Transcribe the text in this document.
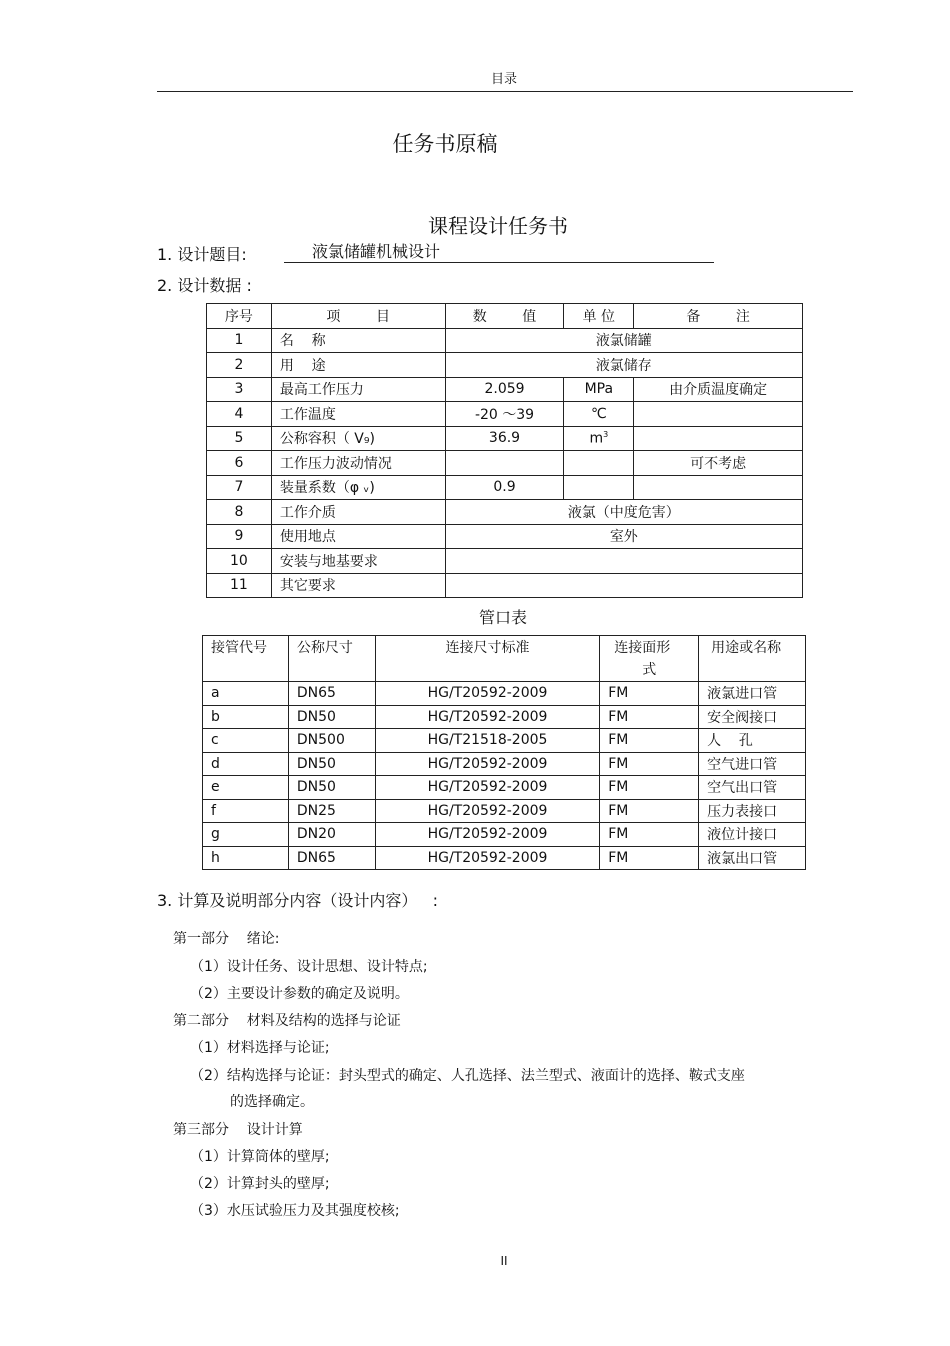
目录
任务书原稿
课程设计任务书
1. 设计题目:	液氯储罐机械设计
2. 设计数据 :
序号	项        目	数        值	单 位	备        注
1	名    称	液氯储罐		
2	用    途	液氯储存		
3	最高工作压力	2.059	MPa	由介质温度确定
4	工作温度	-20 ～39	℃	
5	公称容积（ V₉)	36.9	$m^3$	
6	工作压力波动情况			可不考虑
7	装量系数（φ ᵥ)	0.9		
8	工作介质	液氯（中度危害）		
9	使用地点	室外		
10	安装与地基要求			
11	其它要求			
管口表
接管代号	公称尺寸	连接尺寸标准	连接面形
式	用途或名称
a	DN65	HG/T20592-2009	FM	液氯进口管
b	DN50	HG/T20592-2009	FM	安全阀接口
c	DN500	HG/T21518-2005	FM	人    孔
d	DN50	HG/T20592-2009	FM	空气进口管
e	DN50	HG/T20592-2009	FM	空气出口管
f	DN25	HG/T20592-2009	FM	压力表接口
g	DN20	HG/T20592-2009	FM	液位计接口
h	DN65	HG/T20592-2009	FM	液氯出口管
3. 计算及说明部分内容（设计内容）   :
第一部分    绪论:
（1）设计任务、设计思想、设计特点;
（2）主要设计参数的确定及说明。
第二部分    材料及结构的选择与论证
（1）材料选择与论证;
（2）结构选择与论证：封头型式的确定、人孔选择、法兰型式、液面计的选择、鞍式支座
的选择确定。
第三部分    设计计算
（1）计算筒体的壁厚;
（2）计算封头的壁厚;
（3）水压试验压力及其强度校核;
II
